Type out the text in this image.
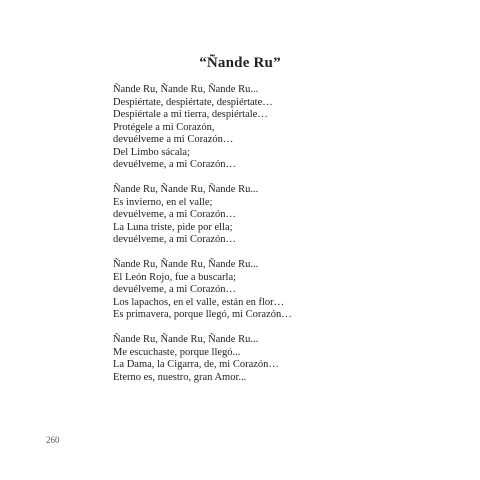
“Ñande Ru”
Ñande Ru, Ñande Ru, Ñande Ru...
Despiértate, despiértate, despiértate…
Despiértale a mi tierra, despiértale…
Protégele a mi Corazón,
devuélveme a mi Corazón…
Del Limbo sácala;
devuélveme, a mi Corazón…
Ñande Ru, Ñande Ru, Ñande Ru...
Es invierno, en el valle;
devuélveme, a mi Corazón…
La Luna triste, pide por ella;
devuélveme, a mi Corazón…
Ñande Ru, Ñande Ru, Ñande Ru...
El León Rojo, fue a buscarla;
devuélveme, a mi Corazón…
Los lapachos, en el valle, están en flor…
Es primavera, porque llegó, mi Corazón…
Ñande Ru, Ñande Ru, Ñande Ru...
Me escuchaste, porque llegó...
La Dama, la Cigarra, de, mi Corazón…
Eterno es, nuestro, gran Amor...
260
